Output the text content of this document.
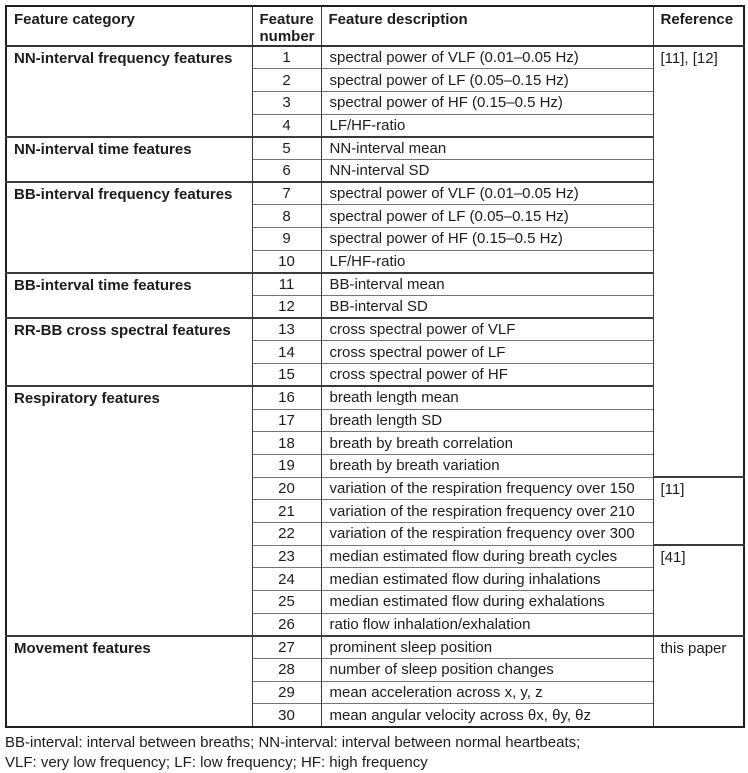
Feature category	Feature number	Feature description	Reference
NN-interval frequency features	1	spectral power of VLF (0.01–0.05 Hz)	[11], [12]
	2	spectral power of LF (0.05–0.15 Hz)	
	3	spectral power of HF (0.15–0.5 Hz)	
	4	LF/HF-ratio	
NN-interval time features	5	NN-interval mean	
	6	NN-interval SD	
BB-interval frequency features	7	spectral power of VLF (0.01–0.05 Hz)	
	8	spectral power of LF (0.05–0.15 Hz)	
	9	spectral power of HF (0.15–0.5 Hz)	
	10	LF/HF-ratio	
BB-interval time features	11	BB-interval mean	
	12	BB-interval SD	
RR-BB cross spectral features	13	cross spectral power of VLF	
	14	cross spectral power of LF	
	15	cross spectral power of HF	
Respiratory features	16	breath length mean	
	17	breath length SD	
	18	breath by breath correlation	
	19	breath by breath variation	
	20	variation of the respiration frequency over 150	[11]
	21	variation of the respiration frequency over 210	
	22	variation of the respiration frequency over 300	
	23	median estimated flow during breath cycles	[41]
	24	median estimated flow during inhalations	
	25	median estimated flow during exhalations	
	26	ratio flow inhalation/exhalation	
Movement features	27	prominent sleep position	this paper
	28	number of sleep position changes	
	29	mean acceleration across x, y, z	
	30	mean angular velocity across θx, θy, θz	
BB-interval: interval between breaths; NN-interval: interval between normal heartbeats;
VLF: very low frequency; LF: low frequency; HF: high frequency
